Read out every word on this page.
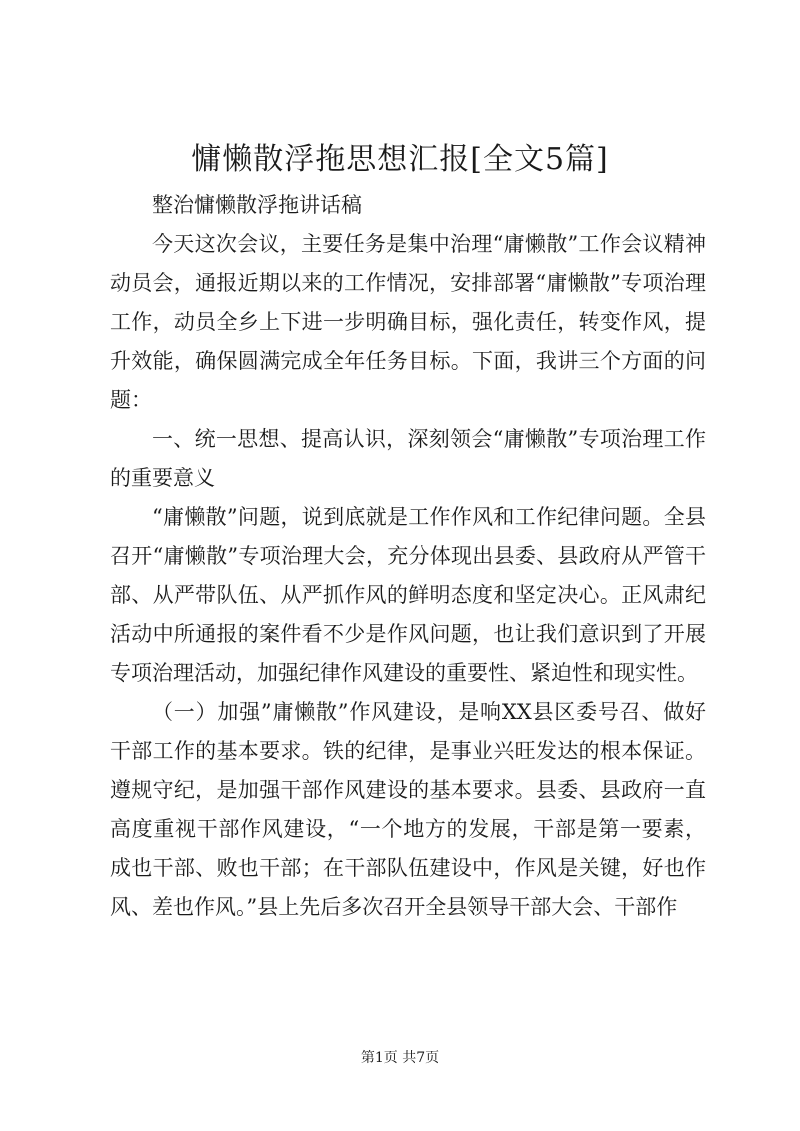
慵懒散浮拖思想汇报[全文5篇]

整治慵懒散浮拖讲话稿

今天这次会议，主要任务是集中治理“庸懒散”工作会议精神动员会，通报近期以来的工作情况，安排部署“庸懒散”专项治理工作，动员全乡上下进一步明确目标，强化责任，转变作风，提升效能，确保圆满完成全年任务目标。下面，我讲三个方面的问题：

一、统一思想、提高认识，深刻领会“庸懒散”专项治理工作的重要意义

“庸懒散”问题，说到底就是工作作风和工作纪律问题。全县召开“庸懒散”专项治理大会，充分体现出县委、县政府从严管干部、从严带队伍、从严抓作风的鲜明态度和坚定决心。正风肃纪活动中所通报的案件看不少是作风问题，也让我们意识到了开展专项治理活动，加强纪律作风建设的重要性、紧迫性和现实性。

（一）加强”庸懒散”作风建设，是响XX县区委号召、做好干部工作的基本要求。铁的纪律，是事业兴旺发达的根本保证。遵规守纪，是加强干部作风建设的基本要求。县委、县政府一直高度重视干部作风建设，“一个地方的发展，干部是第一要素，成也干部、败也干部；在干部队伍建设中，作风是关键，好也作风、差也作风。”县上先后多次召开全县领导干部大会、干部作

第1页 共7页
